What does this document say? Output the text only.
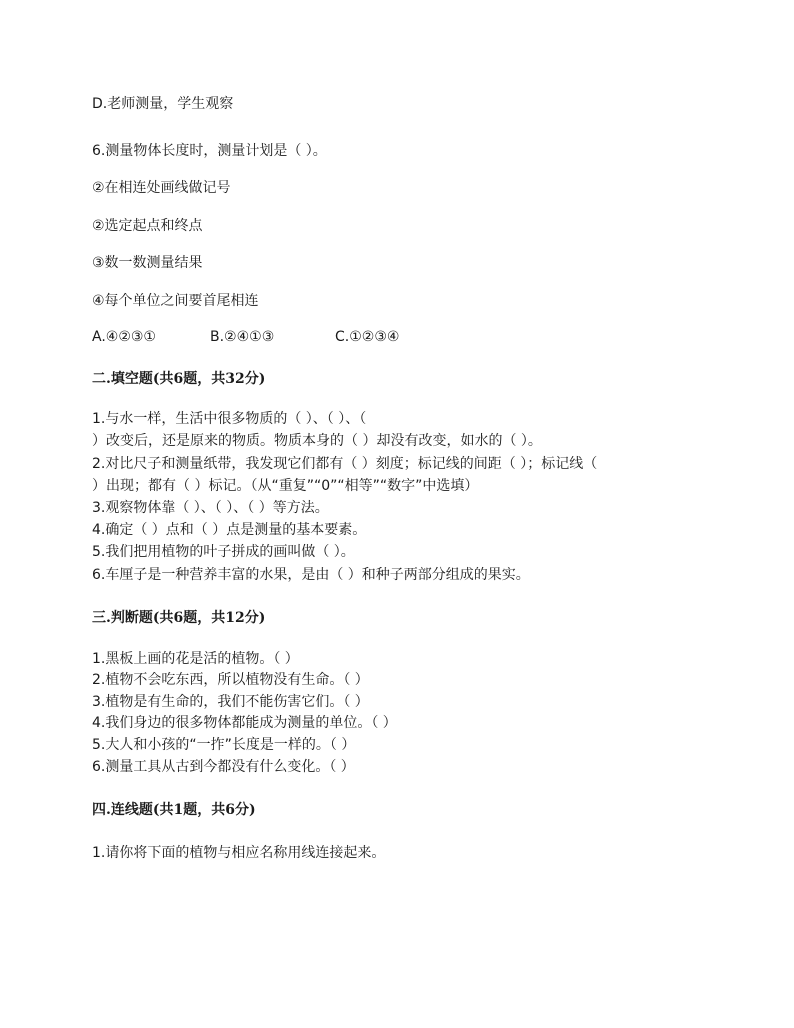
D.老师测量，学生观察
6.测量物体长度时，测量计划是（ ）。
②在相连处画线做记号
②选定起点和终点
③数一数测量结果
④每个单位之间要首尾相连
A.④②③①	B.②④①③	C.①②③④
二.填空题(共6题，共32分)
1.与水一样，生活中很多物质的（ ）、（ ）、（
）改变后，还是原来的物质。物质本身的（ ）却没有改变，如水的（ ）。
2.对比尺子和测量纸带，我发现它们都有（ ）刻度；标记线的间距（ ）；标记线（
）出现；都有（ ）标记。（从“重复”“0”“相等”“数字”中选填）
3.观察物体靠（ ）、（ ）、（ ）等方法。
4.确定（ ）点和（ ）点是测量的基本要素。
5.我们把用植物的叶子拼成的画叫做（ ）。
6.车厘子是一种营养丰富的水果，是由（ ）和种子两部分组成的果实。
三.判断题(共6题，共12分)
1.黑板上画的花是活的植物。（ ）
2.植物不会吃东西，所以植物没有生命。（ ）
3.植物是有生命的，我们不能伤害它们。（ ）
4.我们身边的很多物体都能成为测量的单位。（ ）
5.大人和小孩的“一拃”长度是一样的。（ ）
6.测量工具从古到今都没有什么变化。（ ）
四.连线题(共1题，共6分)
1.请你将下面的植物与相应名称用线连接起来。
